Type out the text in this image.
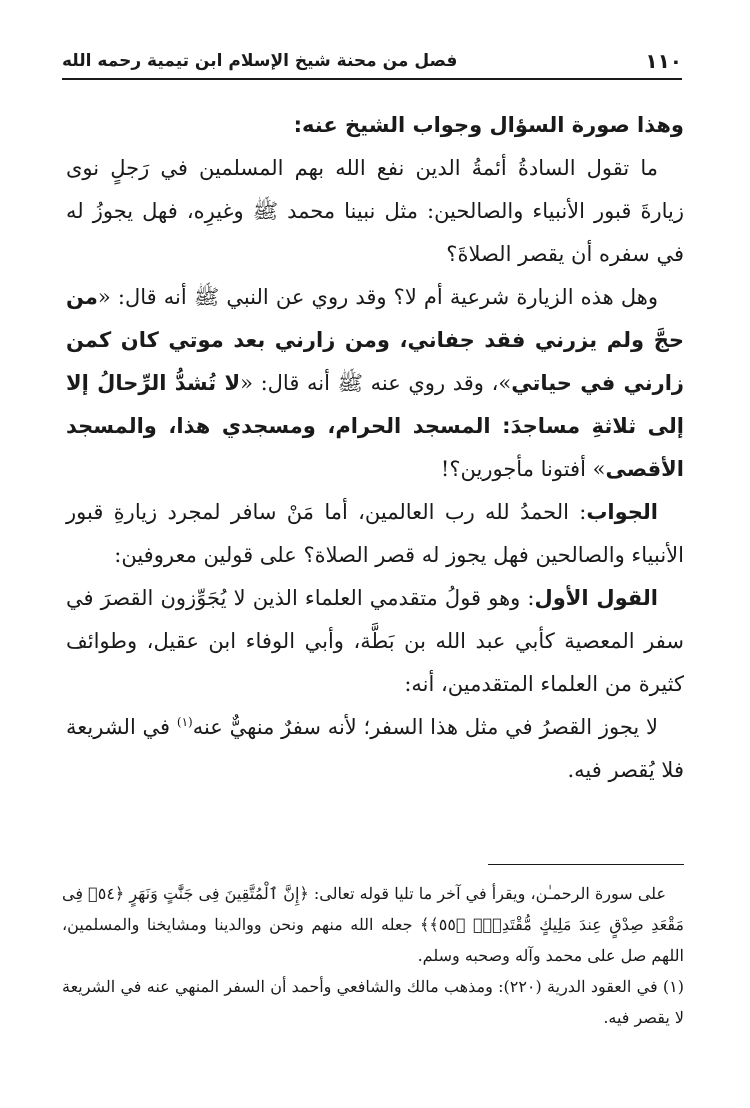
١١٠
فصل من محنة شيخ الإسلام ابن تيمية رحمه الله

وهذا صورة السؤال وجواب الشيخ عنه:

ما تقول السادةُ أئمةُ الدين نفع الله بهم المسلمين في رَجلٍ نوى زيارةَ قبور الأنبياء والصالحين: مثل نبينا محمد ﷺ وغيرِه، فهل يجوزُ له في سفره أن يقصر الصلاةَ؟

وهل هذه الزيارة شرعية أم لا؟ وقد روي عن النبي ﷺ أنه قال: «من حجَّ ولم يزرني فقد جفاني، ومن زارني بعد موتي كان كمن زارني في حياتي»، وقد روي عنه ﷺ أنه قال: «لا تُشدُّ الرِّحالُ إلا إلى ثلاثةِ مساجدَ: المسجد الحرام، ومسجدي هذا، والمسجد الأقصى» أفتونا مأجورين؟!

الجواب: الحمدُ لله رب العالمين، أما مَنْ سافر لمجرد زيارةِ قبور الأنبياء والصالحين فهل يجوز له قصر الصلاة؟ على قولين معروفين:

القول الأول: وهو قولُ متقدمي العلماء الذين لا يُجَوِّزون القصرَ في سفر المعصية كأبي عبد الله بن بَطَّة، وأبي الوفاء ابن عقيل، وطوائف كثيرة من العلماء المتقدمين، أنه:

لا يجوز القصرُ في مثل هذا السفر؛ لأنه سفرٌ منهيٌّ عنه$^{(١)}$ في الشريعة فلا يُقصر فيه.

على سورة الرحمـٰن، ويقرأ في آخر ما تليا قوله تعالى: ﴿إِنَّ ٱلْمُتَّقِينَ فِى جَنَّٰتٍ وَنَهَرٍ ﴿٥٤﴾ فِى مَقْعَدِ صِدْقٍ عِندَ مَلِيكٍ مُّقْتَدِرٍۭ ﴿٥٥﴾﴾ جعله الله منهم ونحن ووالدينا ومشايخنا والمسلمين، اللهم صل على محمد وآله وصحبه وسلم.

(١) في العقود الدرية (٢٢٠): ومذهب مالك والشافعي وأحمد أن السفر المنهي عنه في الشريعة لا يقصر فيه.
